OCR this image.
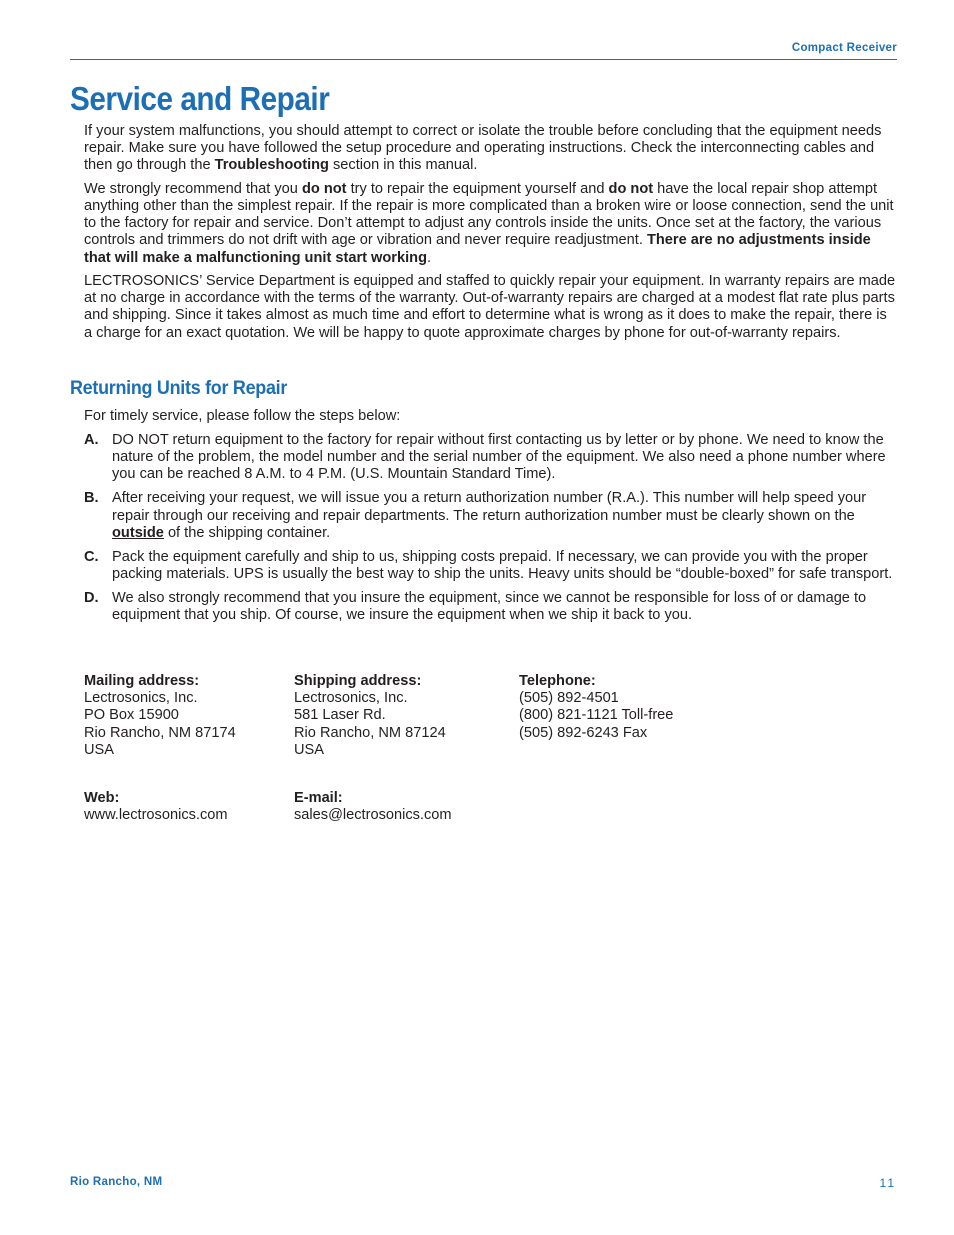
Compact Receiver
Service and Repair

If your system malfunctions, you should attempt to correct or isolate the trouble before concluding that the equipment needs repair. Make sure you have followed the setup procedure and operating instructions. Check the interconnecting cables and then go through the Troubleshooting section in this manual.

We strongly recommend that you do not try to repair the equipment yourself and do not have the local repair shop attempt anything other than the simplest repair. If the repair is more complicated than a broken wire or loose connection, send the unit to the factory for repair and service. Don’t attempt to adjust any controls inside the units. Once set at the factory, the various controls and trimmers do not drift with age or vibration and never require readjustment. There are no adjustments inside that will make a malfunctioning unit start working.

LECTROSONICS’ Service Department is equipped and staffed to quickly repair your equipment. In warranty repairs are made at no charge in accordance with the terms of the warranty. Out-of-warranty repairs are charged at a modest flat rate plus parts and shipping. Since it takes almost as much time and effort to determine what is wrong as it does to make the repair, there is a charge for an exact quotation. We will be happy to quote approximate charges by phone for out-of-warranty repairs.

Returning Units for Repair
For timely service, please follow the steps below:
A. DO NOT return equipment to the factory for repair without first contacting us by letter or by phone. We need to know the nature of the problem, the model number and the serial number of the equipment. We also need a phone number where you can be reached 8 A.M. to 4 P.M. (U.S. Mountain Standard Time).
B. After receiving your request, we will issue you a return authorization number (R.A.). This number will help speed your repair through our receiving and repair departments. The return authorization number must be clearly shown on the outside of the shipping container.
C. Pack the equipment carefully and ship to us, shipping costs prepaid. If necessary, we can provide you with the proper packing materials. UPS is usually the best way to ship the units. Heavy units should be “double-boxed” for safe transport.
D. We also strongly recommend that you insure the equipment, since we cannot be responsible for loss of or damage to equipment that you ship. Of course, we insure the equipment when we ship it back to you.
Mailing address:
Lectrosonics, Inc.
PO Box 15900
Rio Rancho, NM 87174
USA
Shipping address:
Lectrosonics, Inc.
581 Laser Rd.
Rio Rancho, NM 87124
USA
Telephone:
(505) 892-4501
(800) 821-1121 Toll-free
(505) 892-6243 Fax
Web:
www.lectrosonics.com
E-mail:
sales@lectrosonics.com
Rio Rancho, NM	11
